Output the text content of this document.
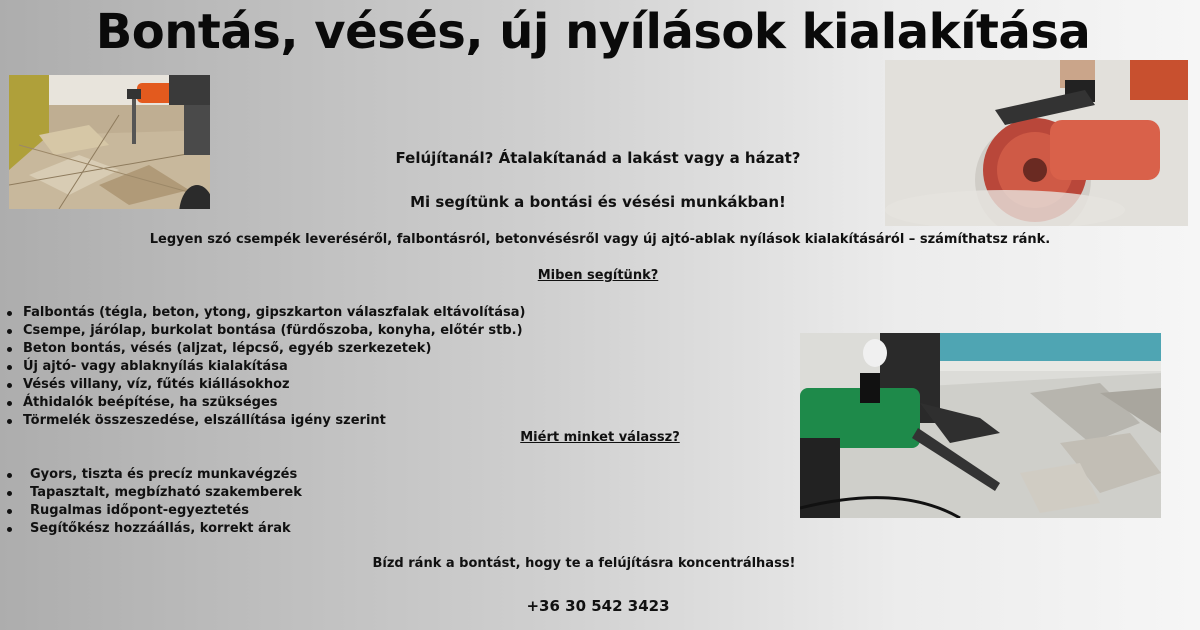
Bontás, vésés, új nyílások kialakítása
Felújítanál? Átalakítanád a lakást vagy a házat?
Mi segítünk a bontási és vésési munkákban!
Legyen szó csempék leveréséről, falbontásról, betonvésésről vagy új ajtó-ablak nyílások kialakításáról – számíthatsz ránk.
Miben segítünk?
Falbontás (tégla, beton, ytong, gipszkarton válaszfalak eltávolítása)
Csempe, járólap, burkolat bontása (fürdőszoba, konyha, előtér stb.)
Beton bontás, vésés (aljzat, lépcső, egyéb szerkezetek)
Új ajtó- vagy ablaknyílás kialakítása
Vésés villany, víz, fűtés kiállásokhoz
Áthidalók beépítése, ha szükséges
Törmelék összeszedése, elszállítása igény szerint
Miért minket válassz?
Gyors, tiszta és precíz munkavégzés
Tapasztalt, megbízható szakemberek
Rugalmas időpont-egyeztetés
Segítőkész hozzáállás, korrekt árak
Bízd ránk a bontást, hogy te a felújításra koncentrálhass!
+36 30 542 3423
